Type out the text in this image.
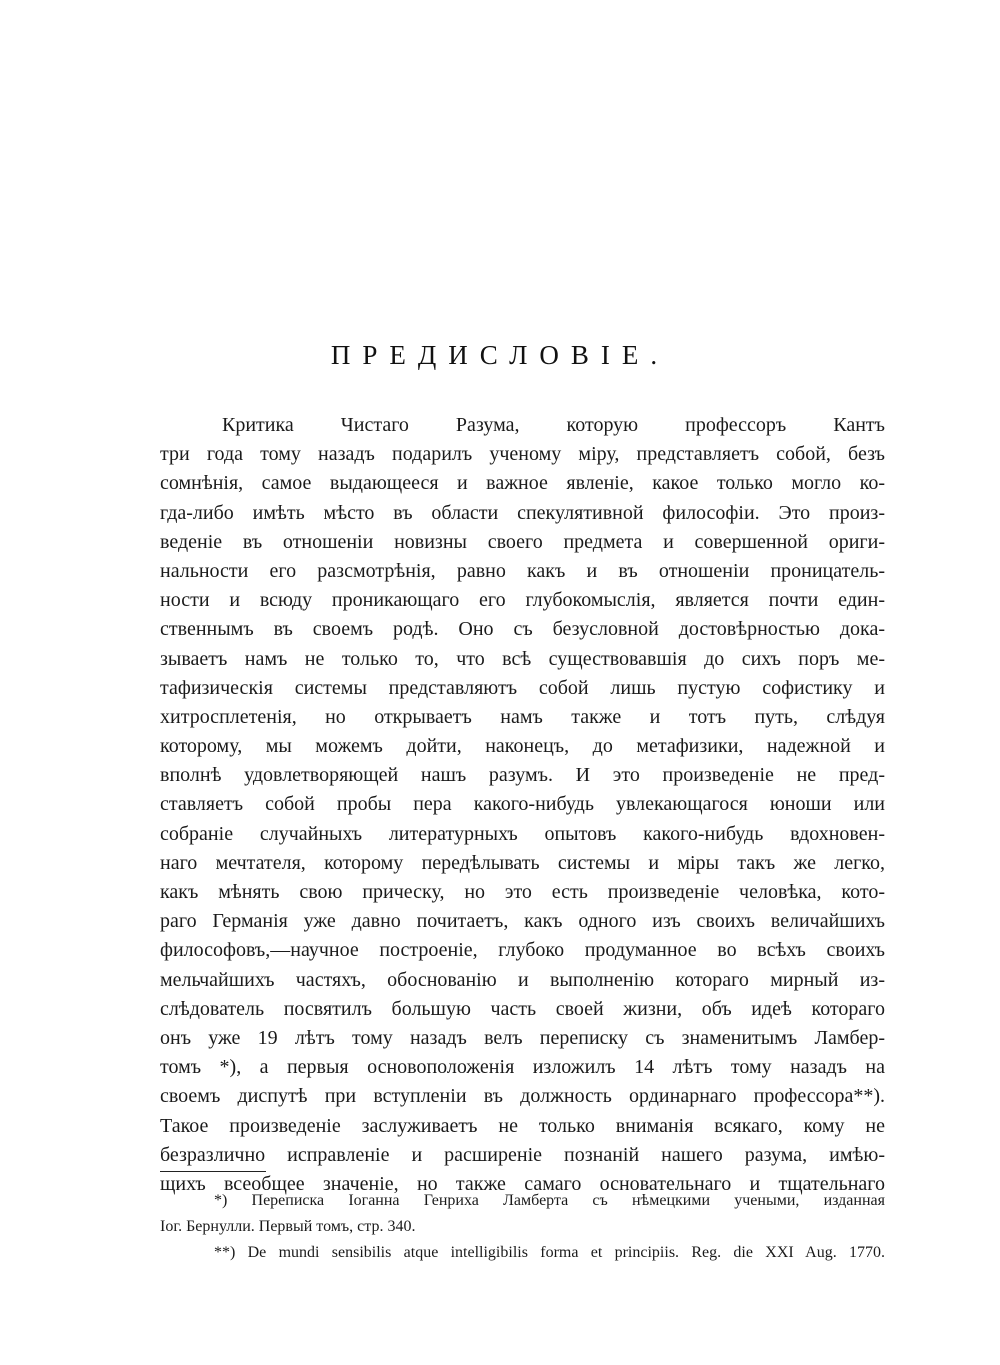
ПРЕДИСЛОВІЕ.
Критика Чистаго Разума, которую профессоръ Кантъ
три года тому назадъ подарилъ ученому міру, представляетъ собой, безъ
сомнѣнія, самое выдающееся и важное явленіе, какое только могло ко-
гда-либо имѣть мѣсто въ области спекулятивной философіи. Это произ-
веденіе въ отношеніи новизны своего предмета и совершенной ориги-
нальности его разсмотрѣнія, равно какъ и въ отношеніи проницатель-
ности и всюду проникающаго его глубокомыслія, является почти един-
ственнымъ въ своемъ родѣ. Оно съ безусловной достовѣрностью дока-
зываетъ намъ не только то, что всѣ существовавшія до сихъ поръ ме-
тафизическія системы представляютъ собой лишь пустую софистику и
хитросплетенія, но открываетъ намъ также и тотъ путь, слѣдуя
которому, мы можемъ дойти, наконецъ, до метафизики, надежной и
вполнѣ удовлетворяющей нашъ разумъ. И это произведеніе не пред-
ставляетъ собой пробы пера какого-нибудь увлекающагося юноши или
собраніе случайныхъ литературныхъ опытовъ какого-нибудь вдохновен-
наго мечтателя, которому передѣлывать системы и міры такъ же легко,
какъ мѣнять свою прическу, но это есть произведеніе человѣка, кото-
раго Германія уже давно почитаетъ, какъ одного изъ своихъ величайшихъ
философовъ,—научное построеніе, глубоко продуманное во всѣхъ своихъ
мельчайшихъ частяхъ, обоснованію и выполненію котораго мирный из-
слѣдователь посвятилъ большую часть своей жизни, объ идеѣ котораго
онъ уже 19 лѣтъ тому назадъ велъ переписку съ знаменитымъ Ламбер-
томъ *), а первыя основоположенія изложилъ 14 лѣтъ тому назадъ на
своемъ диспутѣ при вступленіи въ должность ординарнаго профессора**).
Такое произведеніе заслуживаетъ не только вниманія всякаго, кому не
безразлично исправленіе и расширеніе познаній нашего разума, имѣю-
щихъ всеобщее значеніе, но также самаго основательнаго и тщательнаго
*) Переписка Іоганна Генриха Ламберта съ нѣмецкими учеными, изданная
Іог. Бернулли. Первый томъ, стр. 340.
**) De mundi sensibilis atque intelligibilis forma et principiis. Reg. die XXI Aug. 1770.
